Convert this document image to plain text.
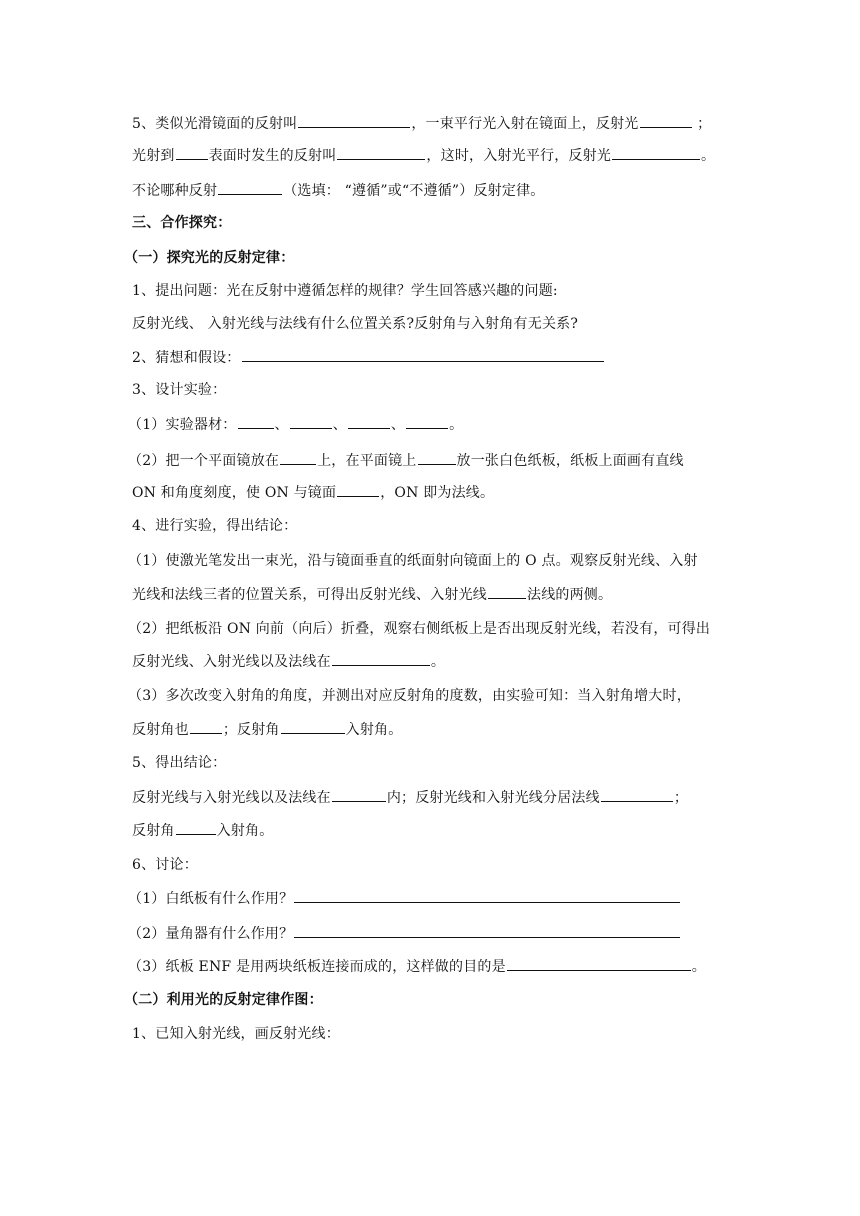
5、类似光滑镜面的反射叫	，一束平行光入射在镜面上，反射光	；
光射到 表面时发生的反射叫	，这时，入射光平行，反射光	。
不论哪种反射	（选填： “遵循”或“不遵循”）反射定律。
三、合作探究：
（一）探究光的反射定律：
1、提出问题：光在反射中遵循怎样的规律？学生回答感兴趣的问题:
反射光线、 入射光线与法线有什么位置关系?反射角与入射角有无关系?
2、猜想和假设：
3、设计实验：
（1）实验器材：	、	、	、	。
（2）把一个平面镜放在	上，在平面镜上	放一张白色纸板，纸板上面画有直线
ON 和角度刻度，使 ON 与镜面	，ON 即为法线。
4、进行实验，得出结论：
（1）使激光笔发出一束光，沿与镜面垂直的纸面射向镜面上的 O 点。观察反射光线、入射
光线和法线三者的位置关系，可得出反射光线、入射光线	法线的两侧。
（2）把纸板沿 ON 向前（向后）折叠，观察右侧纸板上是否出现反射光线，若没有，可得出
反射光线、入射光线以及法线在	。
（3）多次改变入射角的角度，并测出对应反射角的度数，由实验可知：当入射角增大时，
反射角也 ；反射角	入射角。
5、得出结论：
反射光线与入射光线以及法线在	内；反射光线和入射光线分居法线	；
反射角	入射角。
6、讨论：
（1）白纸板有什么作用？
（2）量角器有什么作用？
（3）纸板 ENF 是用两块纸板连接而成的，这样做的目的是	。
（二）利用光的反射定律作图：
1、已知入射光线，画反射光线：
